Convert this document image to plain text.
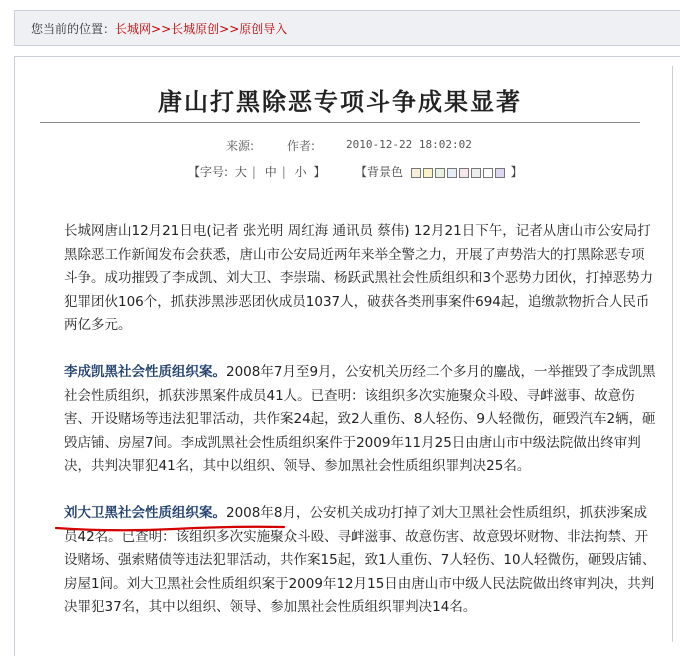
您当前的位置：长城网>>长城原创>>原创导入
唐山打黑除恶专项斗争成果显著
来源:	作者:	2010-12-22 18:02:02
【字号: 大 | 中 | 小 】 【背景色	】

长城网唐山12月21日电(记者 张光明 周红海 通讯员 蔡伟) 12月21日下午，记者从唐山市公安局打黑除恶工作新闻发布会获悉，唐山市公安局近两年来举全警之力，开展了声势浩大的打黑除恶专项斗争。成功摧毁了李成凯、刘大卫、李崇瑞、杨跃武黑社会性质组织和3个恶势力团伙，打掉恶势力犯罪团伙106个，抓获涉黑涉恶团伙成员1037人，破获各类刑事案件694起，追缴款物折合人民币两亿多元。

李成凯黑社会性质组织案。2008年7月至9月，公安机关历经二个多月的鏖战，一举摧毁了李成凯黑社会性质组织，抓获涉黑案件成员41人。已查明：该组织多次实施聚众斗殴、寻衅滋事、故意伤害、开设赌场等违法犯罪活动，共作案24起，致2人重伤、8人轻伤、9人轻微伤，砸毁汽车2辆，砸毁店铺、房屋7间。李成凯黑社会性质组织案件于2009年11月25日由唐山市中级法院做出终审判决，共判决罪犯41名，其中以组织、领导、参加黑社会性质组织罪判决25名。

刘大卫黑社会性质组织案。
2008年8月，公安机关成功打掉了刘大卫黑社会性质组织，抓获涉案成员42名。已查明：该组织多次实施聚众斗殴、寻衅滋事、故意伤害、故意毁坏财物、非法拘禁、开设赌场、强索赌债等违法犯罪活动，共作案15起，致1人重伤、7人轻伤、10人轻微伤，砸毁店铺、房屋1间。刘大卫黑社会性质组织案于2009年12月15日由唐山市中级人民法院做出终审判决，共判决罪犯37名，其中以组织、领导、参加黑社会性质组织罪判决14名。
